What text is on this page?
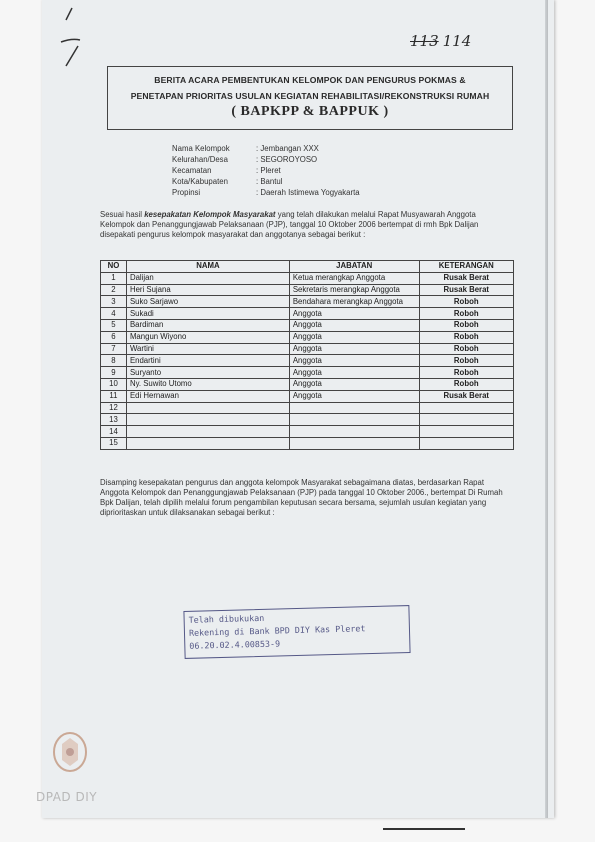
113 114
BERITA ACARA PEMBENTUKAN KELOMPOK DAN PENGURUS POKMAS &
PENETAPAN PRIORITAS USULAN KEGIATAN REHABILITASI/REKONSTRUKSI RUMAH
( BAPKPP & BAPPUK )
Nama Kelompok	: Jembangan XXX
Kelurahan/Desa	: SEGOROYOSO
Kecamatan	: Pleret
Kota/Kabupaten	: Bantul
Propinsi	: Daerah Istimewa Yogyakarta
Sesuai hasil kesepakatan Kelompok Masyarakat yang telah dilakukan melalui Rapat Musyawarah Anggota Kelompok dan Penanggungjawab Pelaksanaan (PJP), tanggal 10 Oktober 2006 bertempat di rmh Bpk Dalijan disepakati pengurus kelompok masyarakat dan anggotanya sebagai berikut :
NO	NAMA	JABATAN	KETERANGAN
1	Dalijan	Ketua merangkap Anggota	Rusak Berat
2	Heri Sujana	Sekretaris merangkap Anggota	Rusak Berat
3	Suko Sarjawo	Bendahara merangkap Anggota	Roboh
4	Sukadi	Anggota	Roboh
5	Bardiman	Anggota	Roboh
6	Mangun Wiyono	Anggota	Roboh
7	Wartini	Anggota	Roboh
8	Endartini	Anggota	Roboh
9	Suryanto	Anggota	Roboh
10	Ny. Suwito Utomo	Anggota	Roboh
11	Edi Hernawan	Anggota	Rusak Berat
12			
13			
14			
15			
Disamping kesepakatan pengurus dan anggota kelompok Masyarakat sebagaimana diatas, berdasarkan Rapat Anggota Kelompok dan Penanggungjawab Pelaksanaan (PJP) pada tanggal 10 Oktober 2006., bertempat Di Rumah Bpk Dalijan, telah dipilih melalui forum pengambilan keputusan secara bersama, sejumlah usulan kegiatan yang diprioritaskan untuk dilaksanakan sebagai berikut :
Telah dibukukan
Rekening di Bank BPD DIY Kas Pleret
06.20.02.4.00853-9
DPAD DIY
